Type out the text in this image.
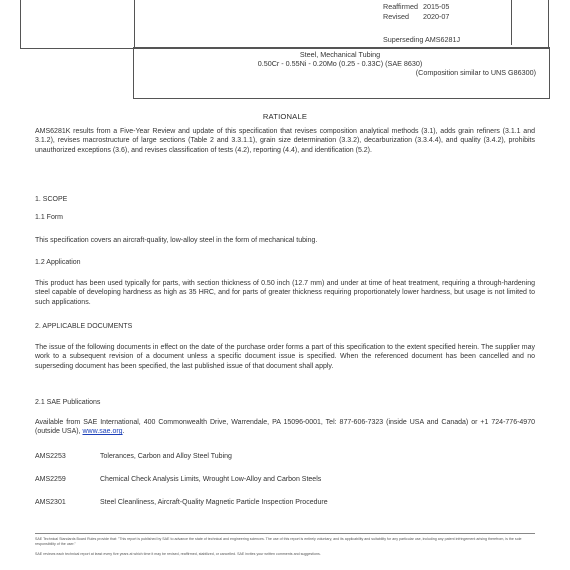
Reaffirmed 2015-05
Revised 2020-07
Superseding AMS6281J
Steel, Mechanical Tubing
0.50Cr - 0.55Ni - 0.20Mo (0.25 - 0.33C) (SAE 8630)
(Composition similar to UNS G86300)
RATIONALE
AMS6281K results from a Five-Year Review and update of this specification that revises composition analytical methods (3.1), adds grain refiners (3.1.1 and 3.1.2), revises macrostructure of large sections (Table 2 and 3.3.1.1), grain size determination (3.3.2), decarburization (3.3.4.4), and quality (3.4.2), prohibits unauthorized exceptions (3.6), and revises classification of tests (4.2), reporting (4.4), and identification (5.2).
1. SCOPE
1.1 Form
This specification covers an aircraft-quality, low-alloy steel in the form of mechanical tubing.
1.2 Application
This product has been used typically for parts, with section thickness of 0.50 inch (12.7 mm) and under at time of heat treatment, requiring a through-hardening steel capable of developing hardness as high as 35 HRC, and for parts of greater thickness requiring proportionately lower hardness, but usage is not limited to such applications.
2. APPLICABLE DOCUMENTS
The issue of the following documents in effect on the date of the purchase order forms a part of this specification to the extent specified herein. The supplier may work to a subsequent revision of a document unless a specific document issue is specified. When the referenced document has been cancelled and no superseding document has been specified, the last published issue of that document shall apply.
2.1 SAE Publications
Available from SAE International, 400 Commonwealth Drive, Warrendale, PA 15096-0001, Tel: 877-606-7323 (inside USA and Canada) or +1 724-776-4970 (outside USA), www.sae.org.
AMS2253	Tolerances, Carbon and Alloy Steel Tubing
AMS2259	Chemical Check Analysis Limits, Wrought Low-Alloy and Carbon Steels
AMS2301	Steel Cleanliness, Aircraft-Quality Magnetic Particle Inspection Procedure
SAE Technical Standards Board Rules provide that: "This report is published by SAE to advance the state of technical and engineering sciences. The use of this report is entirely voluntary, and its applicability and suitability for any particular use, including any patent infringement arising therefrom, is the sole responsibility of the user."
SAE reviews each technical report at least every five years at which time it may be revised, reaffirmed, stabilized, or cancelled. SAE invites your written comments and suggestions.
